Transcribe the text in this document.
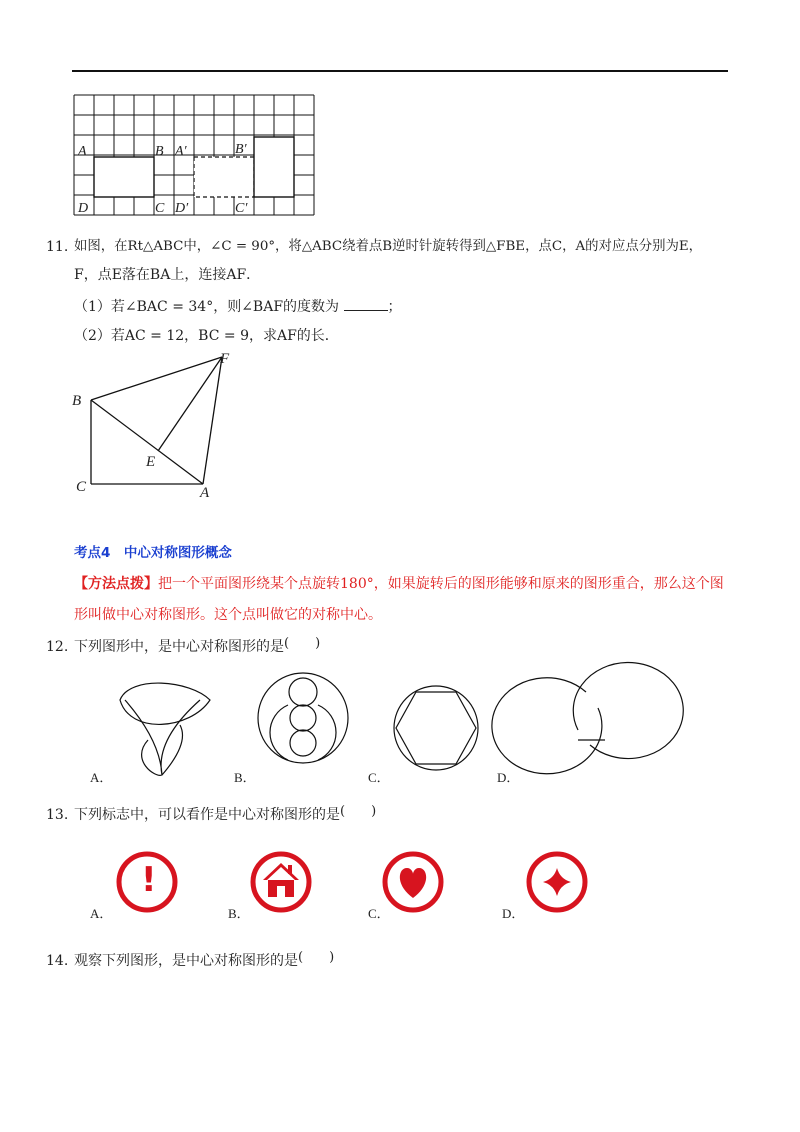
A	B A′	B′
D	C D′	C′
11. 如图，在Rt△ABC中，∠C = 90°，将△ABC绕着点B逆时针旋转得到△FBE，点C，A的对应点分别为E，
F，点E落在BA上，连接AF．
（1）若∠BAC = 34°，则∠BAF的度数为	；
（2）若AC = 12，BC = 9，求AF的长．
B
F
E
C	A
考点4　中心对称图形概念
【方法点拨】把一个平面图形绕某个点旋转180°，如果旋转后的图形能够和原来的图形重合，那么这个图
形叫做中心对称图形。这个点叫做它的对称中心。
12. 下列图形中，是中心对称图形的是(　　)
A．	B．	C．	D．
13. 下列标志中，可以看作是中心对称图形的是(　　)
!
A．	B．	C．	D．
14. 观察下列图形，是中心对称图形的是(　　)
